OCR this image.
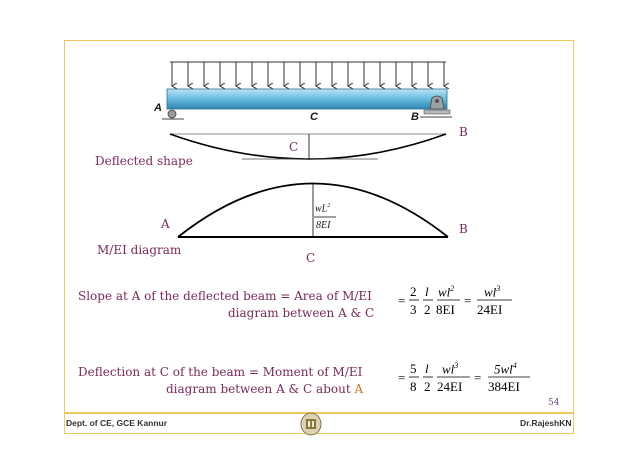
A
C	B
B
C
Deflected shape
A	B
C
M/EI diagram
$wL^2$
8EI
Slope at A of the deflected beam = Area of M/EI
diagram between A & C
Deflection at C of the beam = Moment of M/EI
diagram between A & C about A
=
2
3
l
2
$wl^2$
8EI
=
$wl^3$
24EI
=
5
8
l
2
$wl^3$
24EI
=
$5wl^4$
384EI
54
Dept. of CE, GCE Kannur	Dr.RajeshKN
